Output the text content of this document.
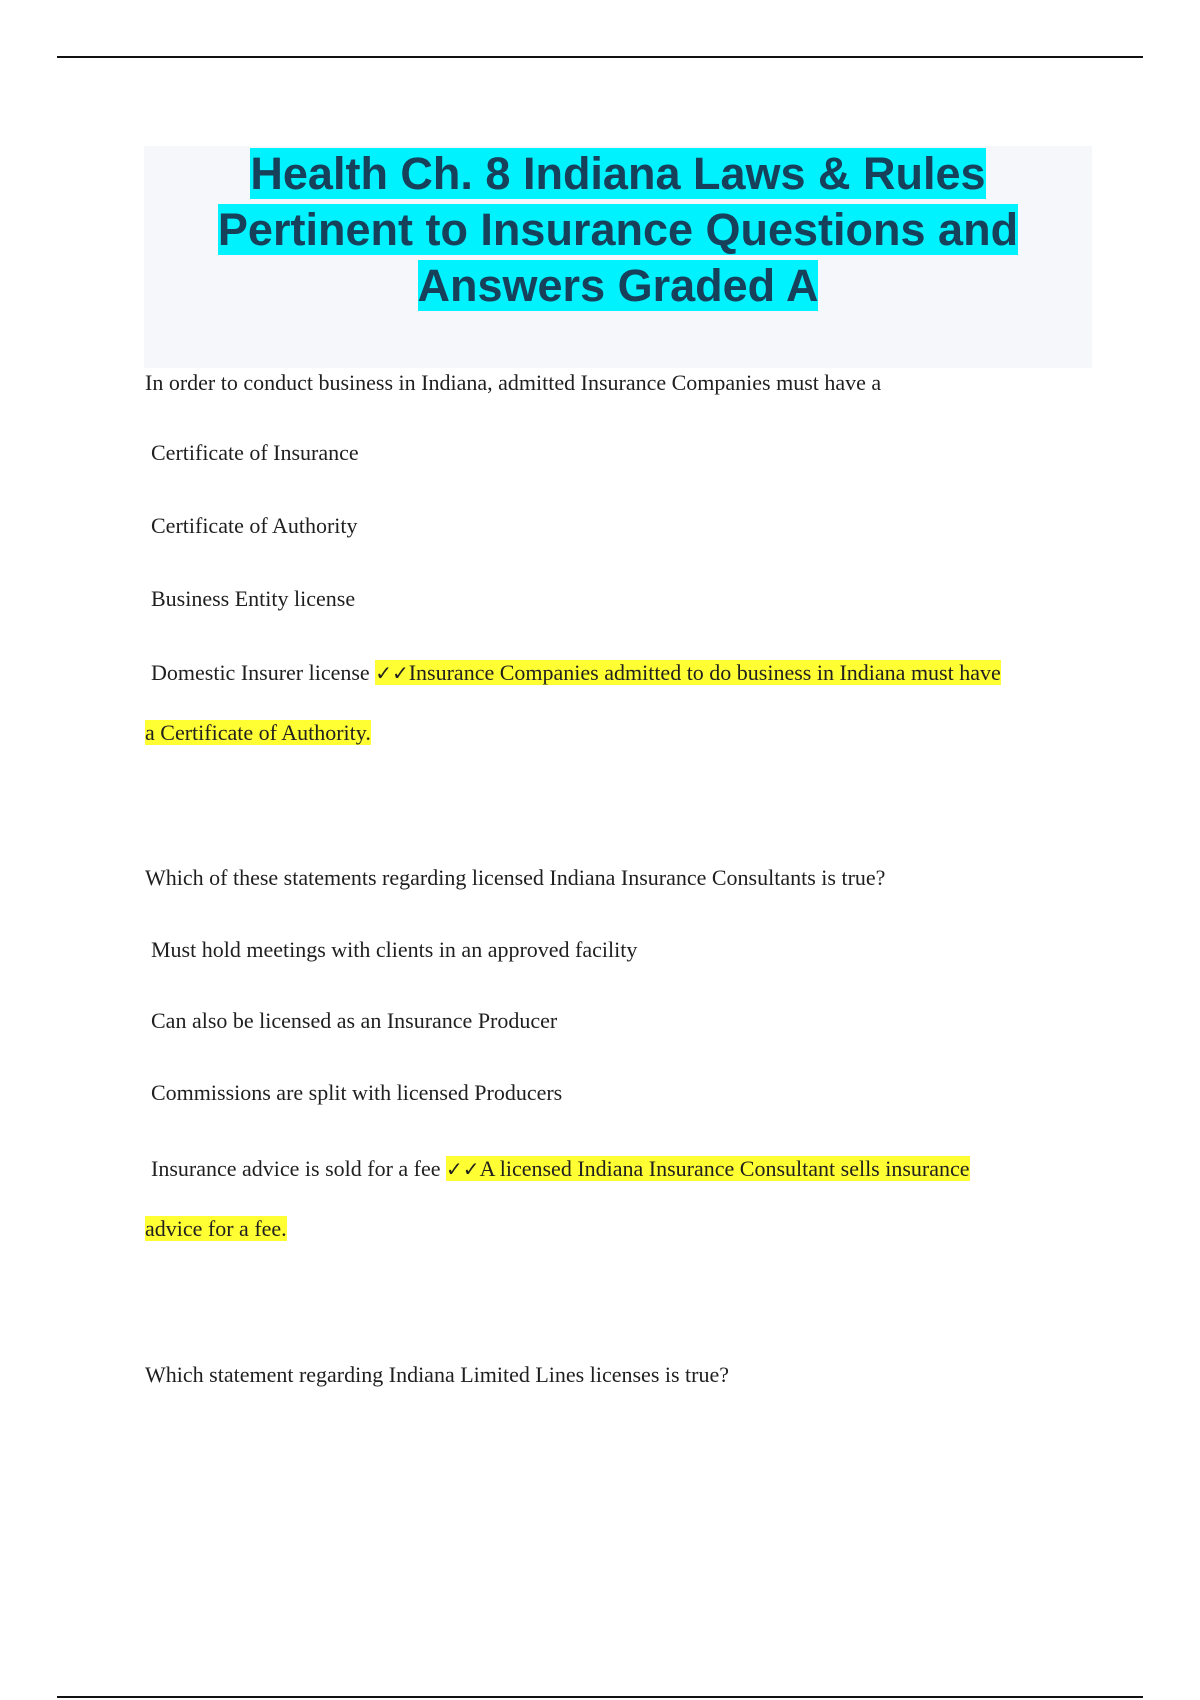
Health Ch. 8 Indiana Laws & Rules
Pertinent to Insurance Questions and
Answers Graded A

In order to conduct business in Indiana, admitted Insurance Companies must have a

Certificate of Insurance

Certificate of Authority

Business Entity license

Domestic Insurer license ✓✓Insurance Companies admitted to do business in Indiana must have
a Certificate of Authority.

Which of these statements regarding licensed Indiana Insurance Consultants is true?

Must hold meetings with clients in an approved facility

Can also be licensed as an Insurance Producer

Commissions are split with licensed Producers

Insurance advice is sold for a fee ✓✓A licensed Indiana Insurance Consultant sells insurance
advice for a fee.

Which statement regarding Indiana Limited Lines licenses is true?
